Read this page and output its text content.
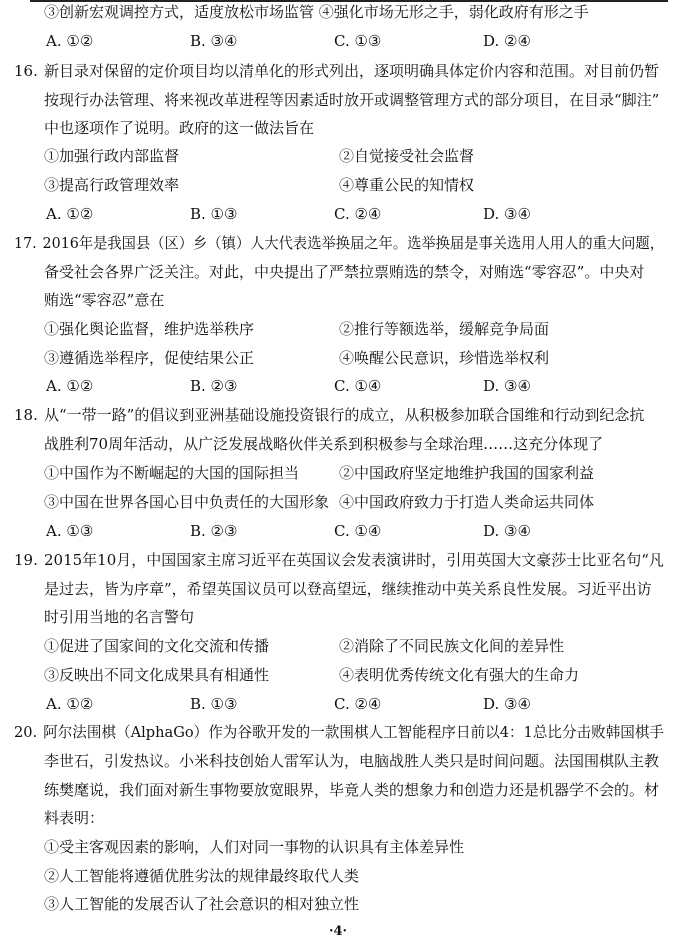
③创新宏观调控方式，适度放松市场监管 ④强化市场无形之手，弱化政府有形之手
A. ①②	B. ③④	C. ①③	D. ②④
16. 新目录对保留的定价项目均以清单化的形式列出，逐项明确具体定价内容和范围。对目前仍暂
按现行办法管理、将来视改革进程等因素适时放开或调整管理方式的部分项目，在目录“脚注”
中也逐项作了说明。政府的这一做法旨在
①加强行政内部监督	②自觉接受社会监督
③提高行政管理效率	④尊重公民的知情权
A. ①②	B. ①③	C. ②④	D. ③④
17. 2016年是我国县（区）乡（镇）人大代表选举换届之年。选举换届是事关选用人用人的重大问题，
备受社会各界广泛关注。对此，中央提出了严禁拉票贿选的禁令，对贿选“零容忍”。中央对
贿选“零容忍”意在
①强化舆论监督，维护选举秩序	②推行等额选举，缓解竞争局面
③遵循选举程序，促使结果公正	④唤醒公民意识，珍惜选举权利
A. ①②	B. ②③	C. ①④	D. ③④
18. 从“一带一路”的倡议到亚洲基础设施投资银行的成立，从积极参加联合国维和行动到纪念抗
战胜利70周年活动，从广泛发展战略伙伴关系到积极参与全球治理……这充分体现了
①中国作为不断崛起的大国的国际担当	②中国政府坚定地维护我国的国家利益
③中国在世界各国心目中负责任的大国形象 ④中国政府致力于打造人类命运共同体
A. ①③	B. ②③	C. ①④	D. ③④
19. 2015年10月，中国国家主席习近平在英国议会发表演讲时，引用英国大文豪莎士比亚名句“凡
是过去，皆为序章”，希望英国议员可以登高望远，继续推动中英关系良性发展。习近平出访
时引用当地的名言警句
①促进了国家间的文化交流和传播	②消除了不同民族文化间的差异性
③反映出不同文化成果具有相通性	④表明优秀传统文化有强大的生命力
A. ①②	B. ①③	C. ②④	D. ③④
20. 阿尔法围棋（AlphaGo）作为谷歌开发的一款围棋人工智能程序日前以4：1总比分击败韩国棋手
李世石，引发热议。小米科技创始人雷军认为，电脑战胜人类只是时间问题。法国围棋队主教
练樊麾说，我们面对新生事物要放宽眼界，毕竟人类的想象力和创造力还是机器学不会的。材
料表明：
①受主客观因素的影响，人们对同一事物的认识具有主体差异性
②人工智能将遵循优胜劣汰的规律最终取代人类
③人工智能的发展否认了社会意识的相对独立性
·4·
